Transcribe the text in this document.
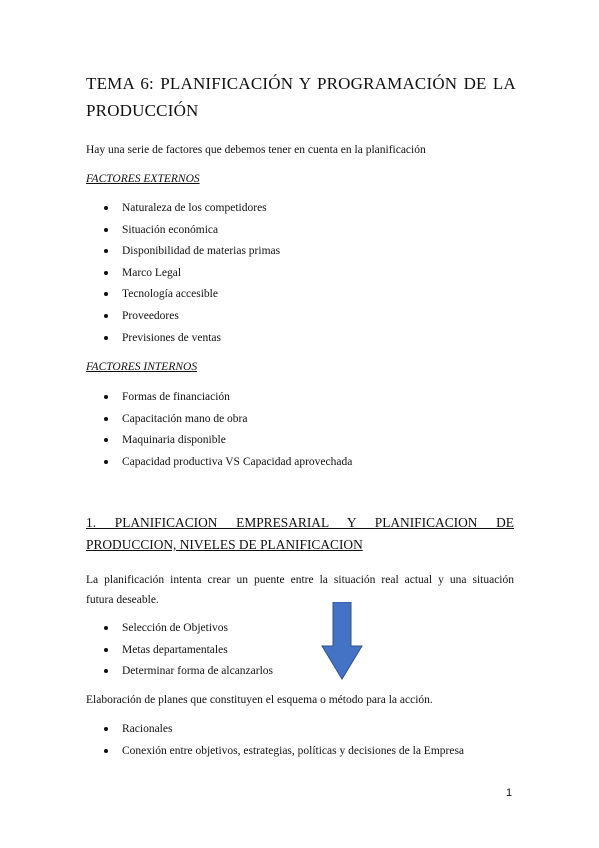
TEMA 6: PLANIFICACIÓN Y PROGRAMACIÓN DE LA
PRODUCCIÓN
Hay una serie de factores que debemos tener en cuenta en la planificación
FACTORES EXTERNOS
Naturaleza de los competidores
Situación económica
Disponibilidad de materias primas
Marco Legal
Tecnología accesible
Proveedores
Previsiones de ventas
FACTORES INTERNOS
Formas de financiación
Capacitación mano de obra
Maquinaria disponible
Capacidad productiva VS Capacidad aprovechada
1. PLANIFICACION EMPRESARIAL Y PLANIFICACION DE
PRODUCCION, NIVELES DE PLANIFICACION
La planificación intenta crear un puente entre la situación real actual y una situación
futura deseable.
Selección de Objetivos
Metas departamentales
Determinar forma de alcanzarlos
Elaboración de planes que constituyen el esquema o método para la acción.
Racionales
Conexión entre objetivos, estrategias, políticas y decisiones de la Empresa
1
